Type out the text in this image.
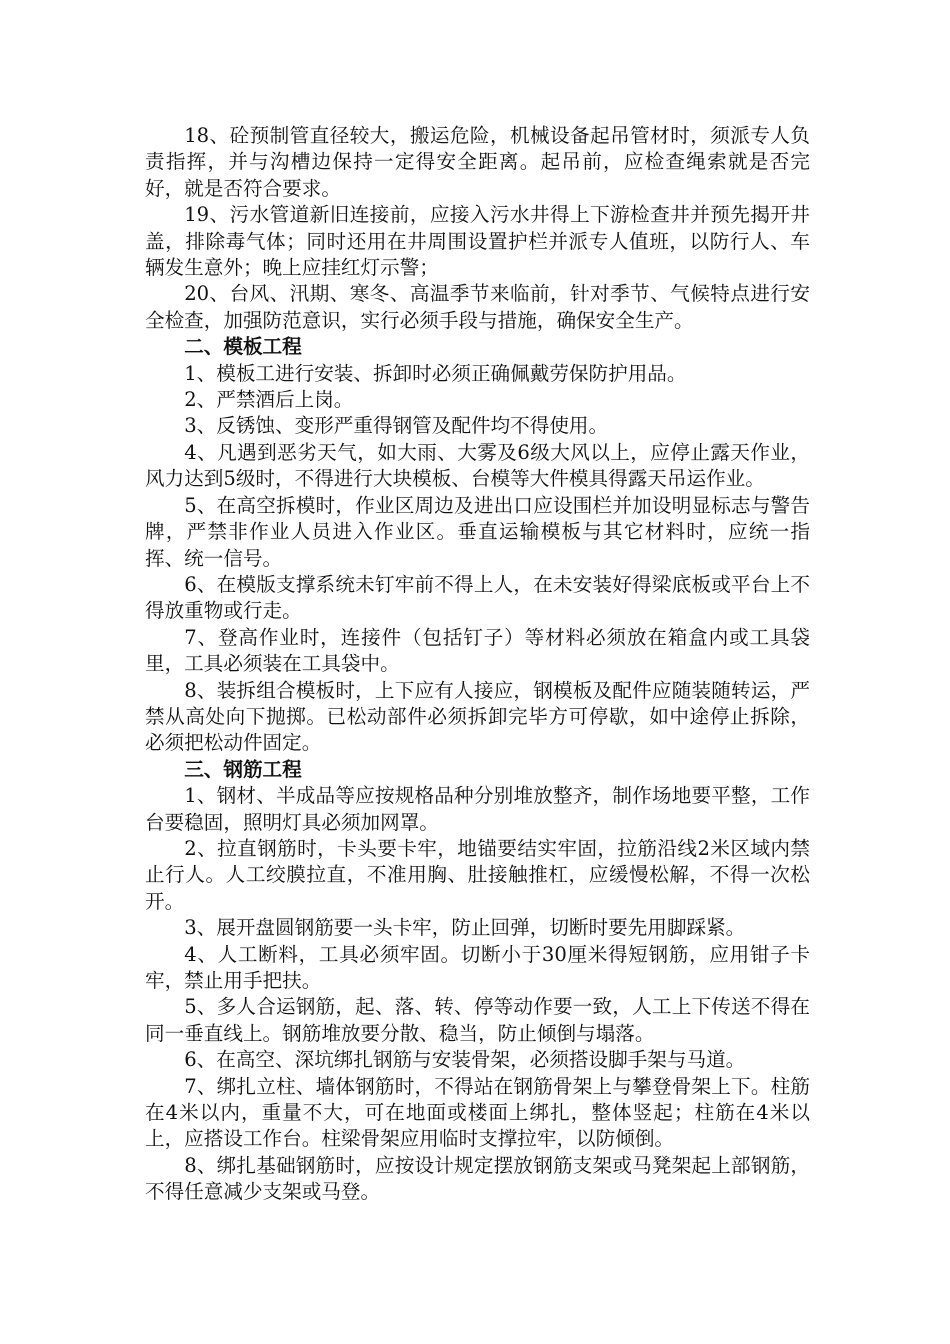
18、砼预制管直径较大，搬运危险，机械设备起吊管材时，须派专人负责指挥，并与沟槽边保持一定得安全距离。起吊前，应检查绳索就是否完好，就是否符合要求。

19、污水管道新旧连接前，应接入污水井得上下游检查井并预先揭开井盖，排除毒气体；同时还用在井周围设置护栏并派专人值班，以防行人、车辆发生意外；晚上应挂红灯示警；

20、台风、汛期、寒冬、高温季节来临前，针对季节、气候特点进行安全检查，加强防范意识，实行必须手段与措施，确保安全生产。

二、模板工程

1、模板工进行安装、拆卸时必须正确佩戴劳保防护用品。

2、严禁酒后上岗。

3、反锈蚀、变形严重得钢管及配件均不得使用。

4、凡遇到恶劣天气，如大雨、大雾及6级大风以上，应停止露天作业，风力达到5级时，不得进行大块模板、台模等大件模具得露天吊运作业。

5、在高空拆模时，作业区周边及进出口应设围栏并加设明显标志与警告牌，严禁非作业人员进入作业区。垂直运输模板与其它材料时，应统一指挥、统一信号。

6、在模版支撑系统未钉牢前不得上人，在未安装好得梁底板或平台上不得放重物或行走。

7、登高作业时，连接件（包括钉子）等材料必须放在箱盒内或工具袋里，工具必须装在工具袋中。

8、装拆组合模板时，上下应有人接应，钢模板及配件应随装随转运，严禁从高处向下抛掷。已松动部件必须拆卸完毕方可停歇，如中途停止拆除，必须把松动件固定。

三、钢筋工程

1、钢材、半成品等应按规格品种分别堆放整齐，制作场地要平整，工作台要稳固，照明灯具必须加网罩。

2、拉直钢筋时，卡头要卡牢，地锚要结实牢固，拉筋沿线2米区域内禁止行人。人工绞膜拉直，不准用胸、肚接触推杠，应缓慢松解，不得一次松开。

3、展开盘圆钢筋要一头卡牢，防止回弹，切断时要先用脚踩紧。

4、人工断料，工具必须牢固。切断小于30厘米得短钢筋，应用钳子卡牢，禁止用手把扶。

5、多人合运钢筋，起、落、转、停等动作要一致，人工上下传送不得在同一垂直线上。钢筋堆放要分散、稳当，防止倾倒与塌落。

6、在高空、深坑绑扎钢筋与安装骨架，必须搭设脚手架与马道。

7、绑扎立柱、墙体钢筋时，不得站在钢筋骨架上与攀登骨架上下。柱筋在4米以内，重量不大，可在地面或楼面上绑扎，整体竖起；柱筋在4米以上，应搭设工作台。柱梁骨架应用临时支撑拉牢，以防倾倒。

8、绑扎基础钢筋时，应按设计规定摆放钢筋支架或马凳架起上部钢筋，不得任意减少支架或马登。
